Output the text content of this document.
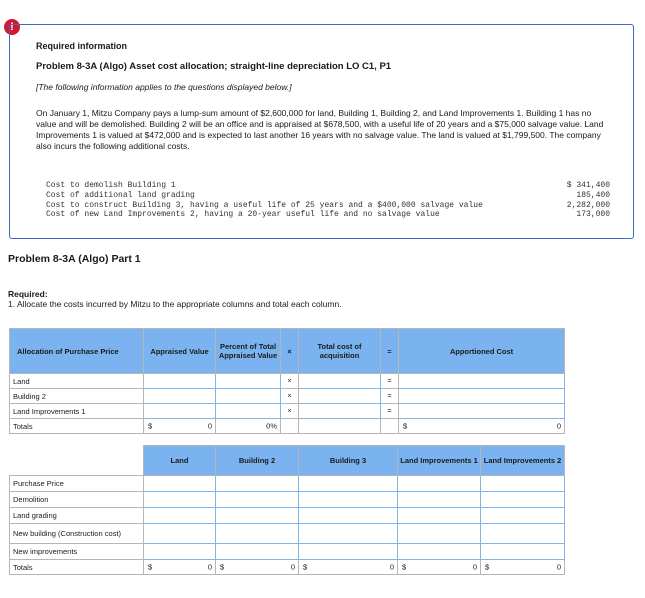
!
Required information
Problem 8-3A (Algo) Asset cost allocation; straight-line depreciation LO C1, P1
[The following information applies to the questions displayed below.]
On January 1, Mitzu Company pays a lump-sum amount of $2,600,000 for land, Building 1, Building 2, and Land Improvements 1. Building 1 has no value and will be demolished. Building 2 will be an office and is appraised at $678,500, with a useful life of 20 years and a $75,000 salvage value. Land Improvements 1 is valued at $472,000 and is expected to last another 16 years with no salvage value. The land is valued at $1,799,500. The company also incurs the following additional costs.
Cost to demolish Building 1	$ 341,400
Cost of additional land grading	185,400
Cost to construct Building 3, having a useful life of 25 years and a $400,000 salvage value	2,282,000
Cost of new Land Improvements 2, having a 20-year useful life and no salvage value	173,000
Problem 8-3A (Algo) Part 1
Required:
1. Allocate the costs incurred by Mitzu to the appropriate columns and total each column.
Allocation of Purchase Price	Appraised Value	Percent of Total Appraised Value	×	Total cost of acquisition	=	Apportioned Cost
Land			×		=	
Building 2			×		=	
Land Improvements 1			×		=	
Totals	$ 0	0%				$ 0
	Land	Building 2	Building 3	Land Improvements 1	Land Improvements 2
Purchase Price					
Demolition					
Land grading					
New building (Construction cost)					
New improvements					
Totals	$ 0	$ 0	$ 0	$ 0	$ 0
